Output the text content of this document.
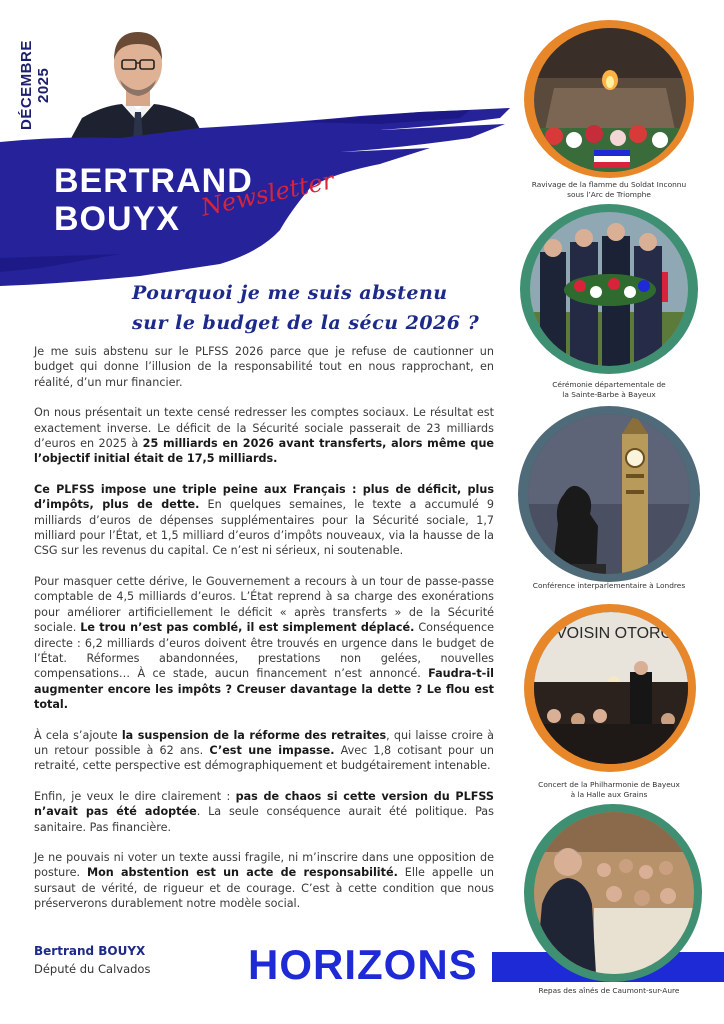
DÉCEMBRE 2025
BERTRAND
BOUYX Newsletter
Pourquoi je me suis abstenu
sur le budget de la sécu 2026 ?

Je me suis abstenu sur le PLFSS 2026 parce que je refuse de cautionner un budget qui donne l’illusion de la responsabilité tout en nous rapprochant, en réalité, d’un mur financier.

On nous présentait un texte censé redresser les comptes sociaux. Le résultat est exactement inverse. Le déficit de la Sécurité sociale passerait de 23 milliards d’euros en 2025 à 25 milliards en 2026 avant transferts, alors même que l’objectif initial était de 17,5 milliards.

Ce PLFSS impose une triple peine aux Français : plus de déficit, plus d’impôts, plus de dette. En quelques semaines, le texte a accumulé 9 milliards d’euros de dépenses supplémentaires pour la Sécurité sociale, 1,7 milliard pour l’État, et 1,5 milliard d’euros d’impôts nouveaux, via la hausse de la CSG sur les revenus du capital. Ce n’est ni sérieux, ni soutenable.

Pour masquer cette dérive, le Gouvernement a recours à un tour de passe-passe comptable de 4,5 milliards d’euros. L’État reprend à sa charge des exonérations pour améliorer artificiellement le déficit « après transferts » de la Sécurité sociale. Le trou n’est pas comblé, il est simplement déplacé. Conséquence directe : 6,2 milliards d’euros doivent être trouvés en urgence dans le budget de l’État. Réformes abandonnées, prestations non gelées, nouvelles compensations… À ce stade, aucun financement n’est annoncé. Faudra-t-il augmenter encore les impôts ? Creuser davantage la dette ? Le flou est total.

À cela s’ajoute la suspension de la réforme des retraites, qui laisse croire à un retour possible à 62 ans. C’est une impasse. Avec 1,8 cotisant pour un retraité, cette perspective est démographiquement et budgétairement intenable.

Enfin, je veux le dire clairement : pas de chaos si cette version du PLFSS n’avait pas été adoptée. La seule conséquence aurait été politique. Pas sanitaire. Pas financière.

Je ne pouvais ni voter un texte aussi fragile, ni m’inscrire dans une opposition de posture. Mon abstention est un acte de responsabilité. Elle appelle un sursaut de vérité, de rigueur et de courage. C’est à cette condition que nous préserverons durablement notre modèle social.

Bertrand BOUYX
Député du Calvados HORIZONS
Ravivage de la flamme du Soldat Inconnu
sous l’Arc de Triomphe
Cérémonie départementale de
la Sainte-Barbe à Bayeux
Conférence interparlementaire à Londres
N VOISIN OTORO
Concert de la Philharmonie de Bayeux
à la Halle aux Grains
Repas des aînés de Caumont-sur-Aure
